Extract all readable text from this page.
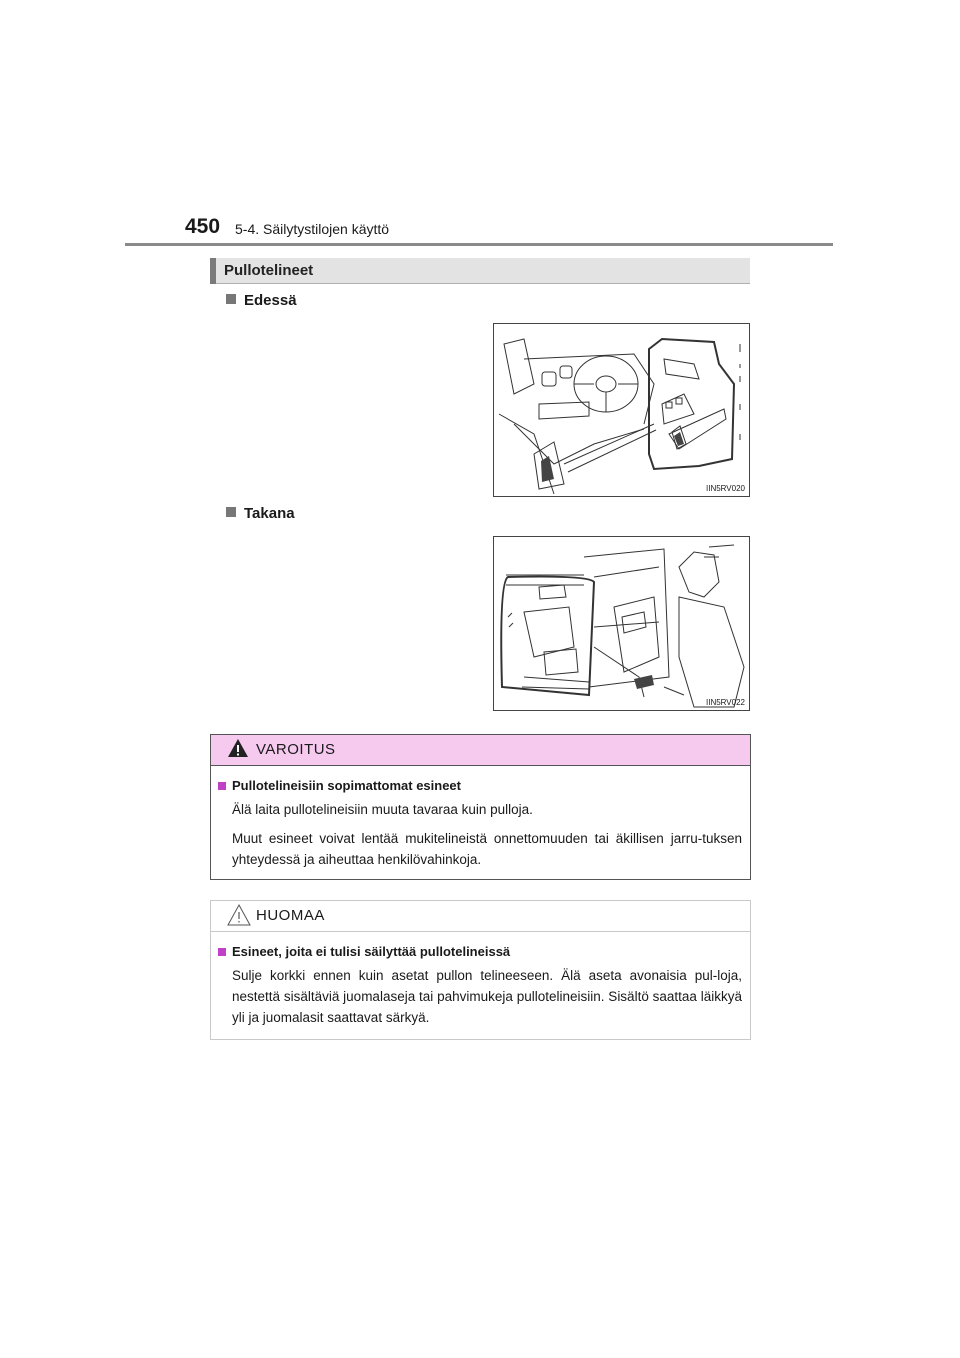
450 5-4. Säilytystilojen käyttö
Pullotelineet
Edessä
IIN5RV020
Takana
IIN5RV022
VAROITUS
Pullotelineisiin sopimattomat esineet
Älä laita pullotelineisiin muuta tavaraa kuin pulloja.
Muut esineet voivat lentää mukitelineistä onnettomuuden tai äkillisen jarru-tuksen yhteydessä ja aiheuttaa henkilövahinkoja.
HUOMAA
Esineet, joita ei tulisi säilyttää pullotelineissä
Sulje korkki ennen kuin asetat pullon telineeseen. Älä aseta avonaisia pul-loja, nestettä sisältäviä juomalaseja tai pahvimukeja pullotelineisiin. Sisältö saattaa läikkyä yli ja juomalasit saattavat särkyä.
